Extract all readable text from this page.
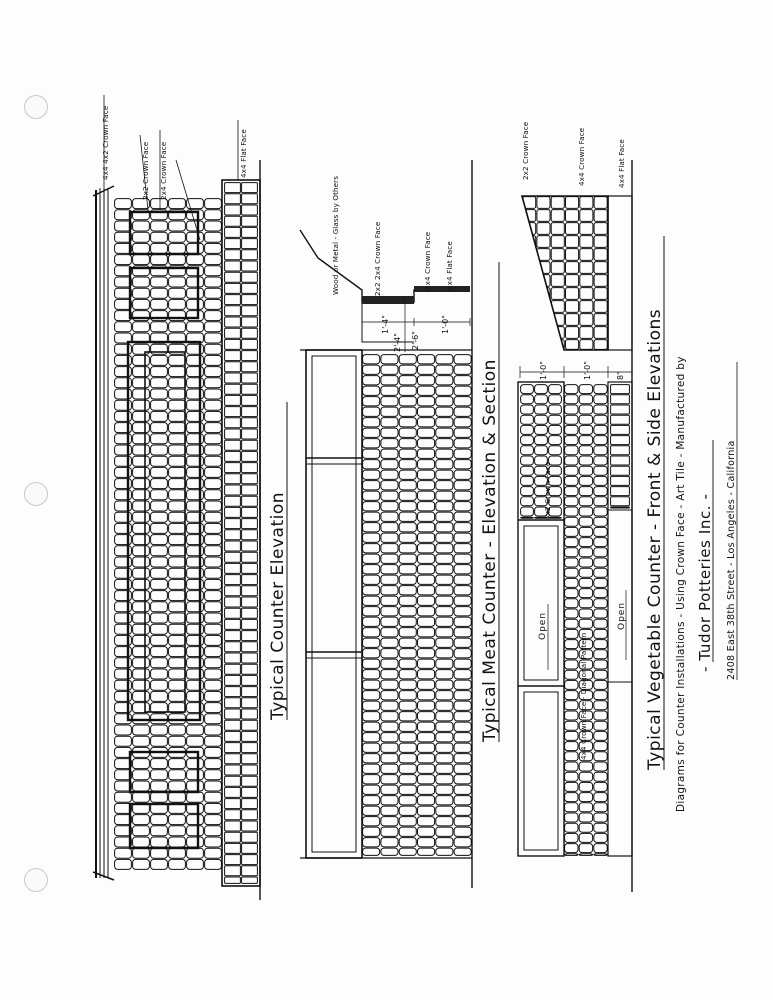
4x4 4x2 Crown Face	2x2 Crown Face 2x4 Crown Face	4x4 Flat Face
Typical Counter Elevation
Wood or Metal - Glass by Others	2x2 2x4 Crown Face	4x4 Crown Face 4x4 Flat Face
1'-4"	1'-0"
2'-6"
2'-4"
Typical Meat Counter - Elevation & Section
2x2 Crown Face	4x4 Crown Face	4x4 Flat Face
4x2 Crown Face
4x4 Crown Face - Diagonal Pattern
1'-0"	1'-0"	8"
Open	Open Typical Vegetable Counter - Front & Side Elevations Diagrams for Counter Installations - Using Crown Face - Art Tile - Manufactured by - Tudor Potteries Inc. - 2408 East 38th Street - Los Angeles - California
